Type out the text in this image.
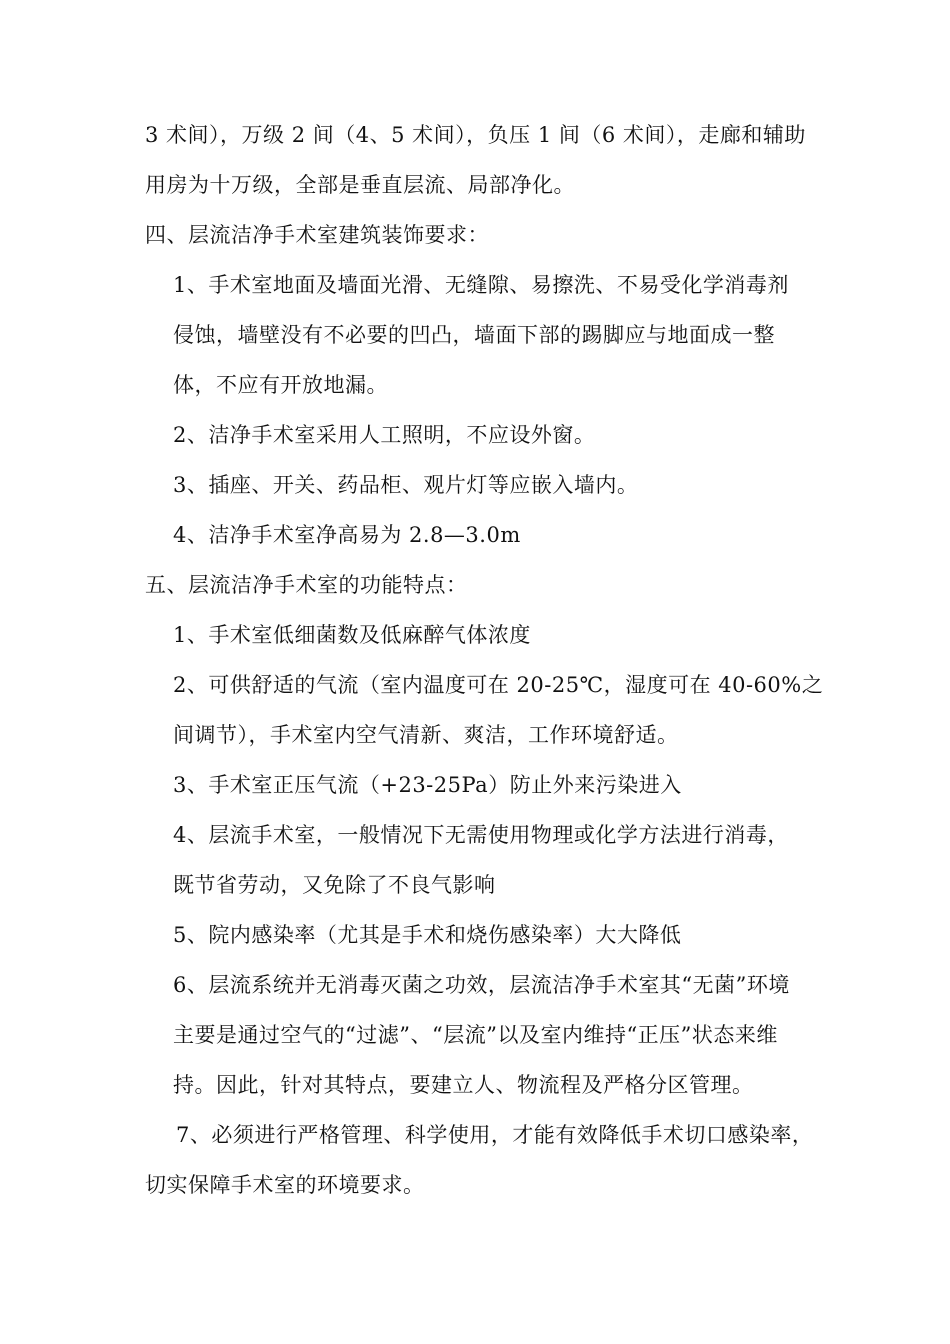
3 术间），万级 2 间（4、5 术间），负压 1 间（6 术间），走廊和辅助
用房为十万级，全部是垂直层流、局部净化。
四、层流洁净手术室建筑装饰要求：
1、手术室地面及墙面光滑、无缝隙、易擦洗、不易受化学消毒剂
侵蚀，墙壁没有不必要的凹凸，墙面下部的踢脚应与地面成一整
体，不应有开放地漏。
2、洁净手术室采用人工照明，不应设外窗。
3、插座、开关、药品柜、观片灯等应嵌入墙内。
4、洁净手术室净高易为 2.8—3.0m
五、层流洁净手术室的功能特点：
1、手术室低细菌数及低麻醉气体浓度
2、可供舒适的气流（室内温度可在 20-25℃，湿度可在 40-60%之
间调节），手术室内空气清新、爽洁，工作环境舒适。
3、手术室正压气流（+23-25Pa）防止外来污染进入
4、层流手术室，一般情况下无需使用物理或化学方法进行消毒，
既节省劳动，又免除了不良气影响
5、院内感染率（尤其是手术和烧伤感染率）大大降低
6、层流系统并无消毒灭菌之功效，层流洁净手术室其“无菌”环境
主要是通过空气的“过滤”、“层流”以及室内维持“正压”状态来维
持。因此，针对其特点，要建立人、物流程及严格分区管理。
7、必须进行严格管理、科学使用，才能有效降低手术切口感染率，
切实保障手术室的环境要求。
